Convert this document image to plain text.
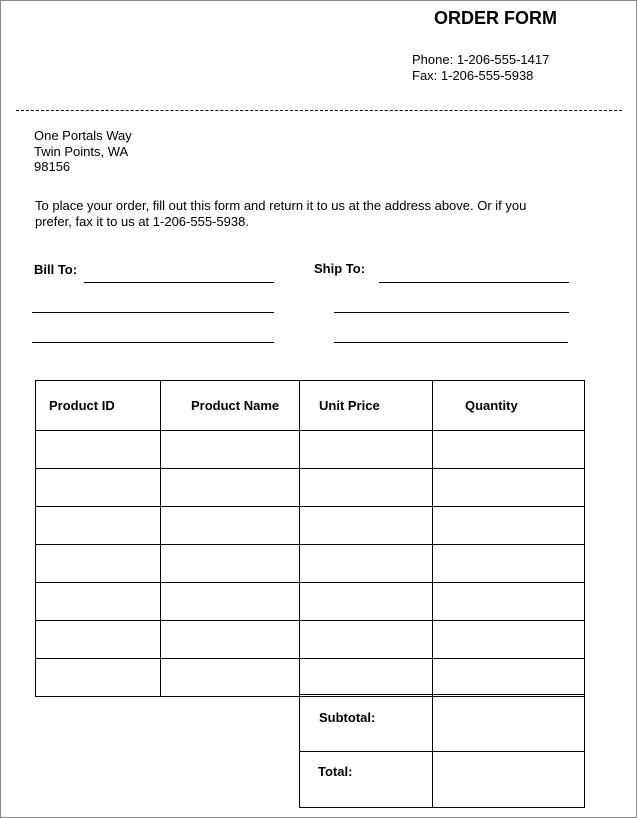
ORDER FORM
Phone: 1-206-555-1417
Fax: 1-206-555-5938
One Portals Way
Twin Points, WA
98156
To place your order, fill out this form and return it to us at the address above. Or if you
prefer, fax it to us at 1-206-555-5938.
Bill To:	Ship To:
Product ID	Product Name	Unit Price	Quantity

Subtotal:
Total:
